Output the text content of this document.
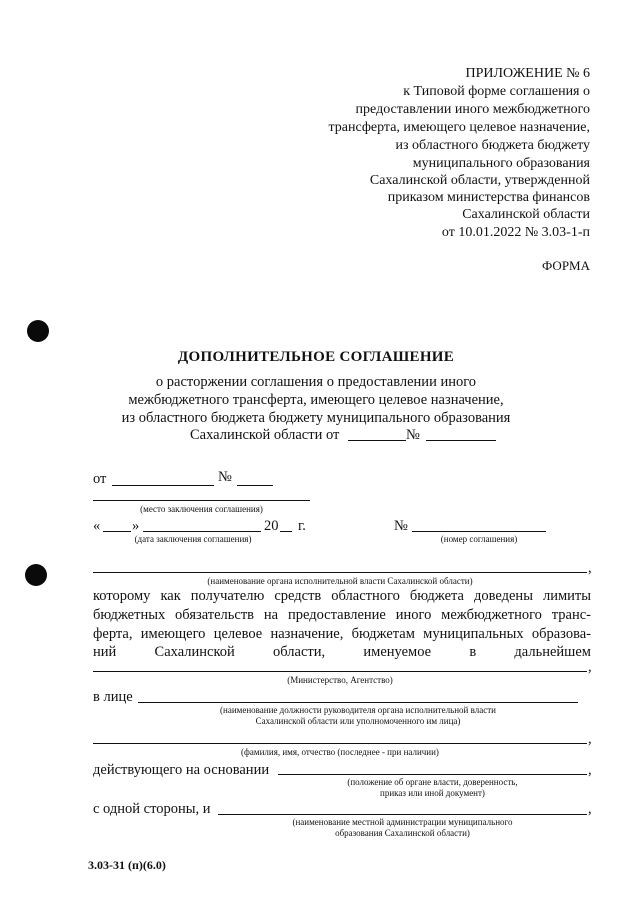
ПРИЛОЖЕНИЕ № 6
к Типовой форме соглашения о
предоставлении иного межбюджетного
трансферта, имеющего целевое назначение,
из областного бюджета бюджету
муниципального образования
Сахалинской области, утвержденной
приказом министерства финансов
Сахалинской области
от 10.01.2022 № 3.03-1-п
ФОРМА
ДОПОЛНИТЕЛЬНОЕ СОГЛАШЕНИЕ
о расторжении соглашения о предоставлении иного
межбюджетного трансферта, имеющего целевое назначение,
из областного бюджета бюджету муниципального образования
Сахалинской области от	№
от	№
(место заключения соглашения)
« »	20 г.
(дата заключения соглашения)
№
(номер соглашения)
,
(наименование органа исполнительной власти Сахалинской области)
которому как получателю средств областного бюджета доведены лимиты
бюджетных обязательств на предоставление иного межбюджетного транс-
ферта, имеющего целевое назначение, бюджетам муниципальных образова-
ний	Сахалинской	области,	именуемое	в	дальнейшем
,
(Министерство, Агентство)
в лице
(наименование должности руководителя органа исполнительной власти
Сахалинской области или уполномоченного им лица)
,
(фамилия, имя, отчество (последнее - при наличии)
действующего на основании	,
(положение об органе власти, доверенность,
приказ или иной документ)
с одной стороны, и	,
(наименование местной администрации муниципального
образования Сахалинской области)
3.03-31 (п)(6.0)
